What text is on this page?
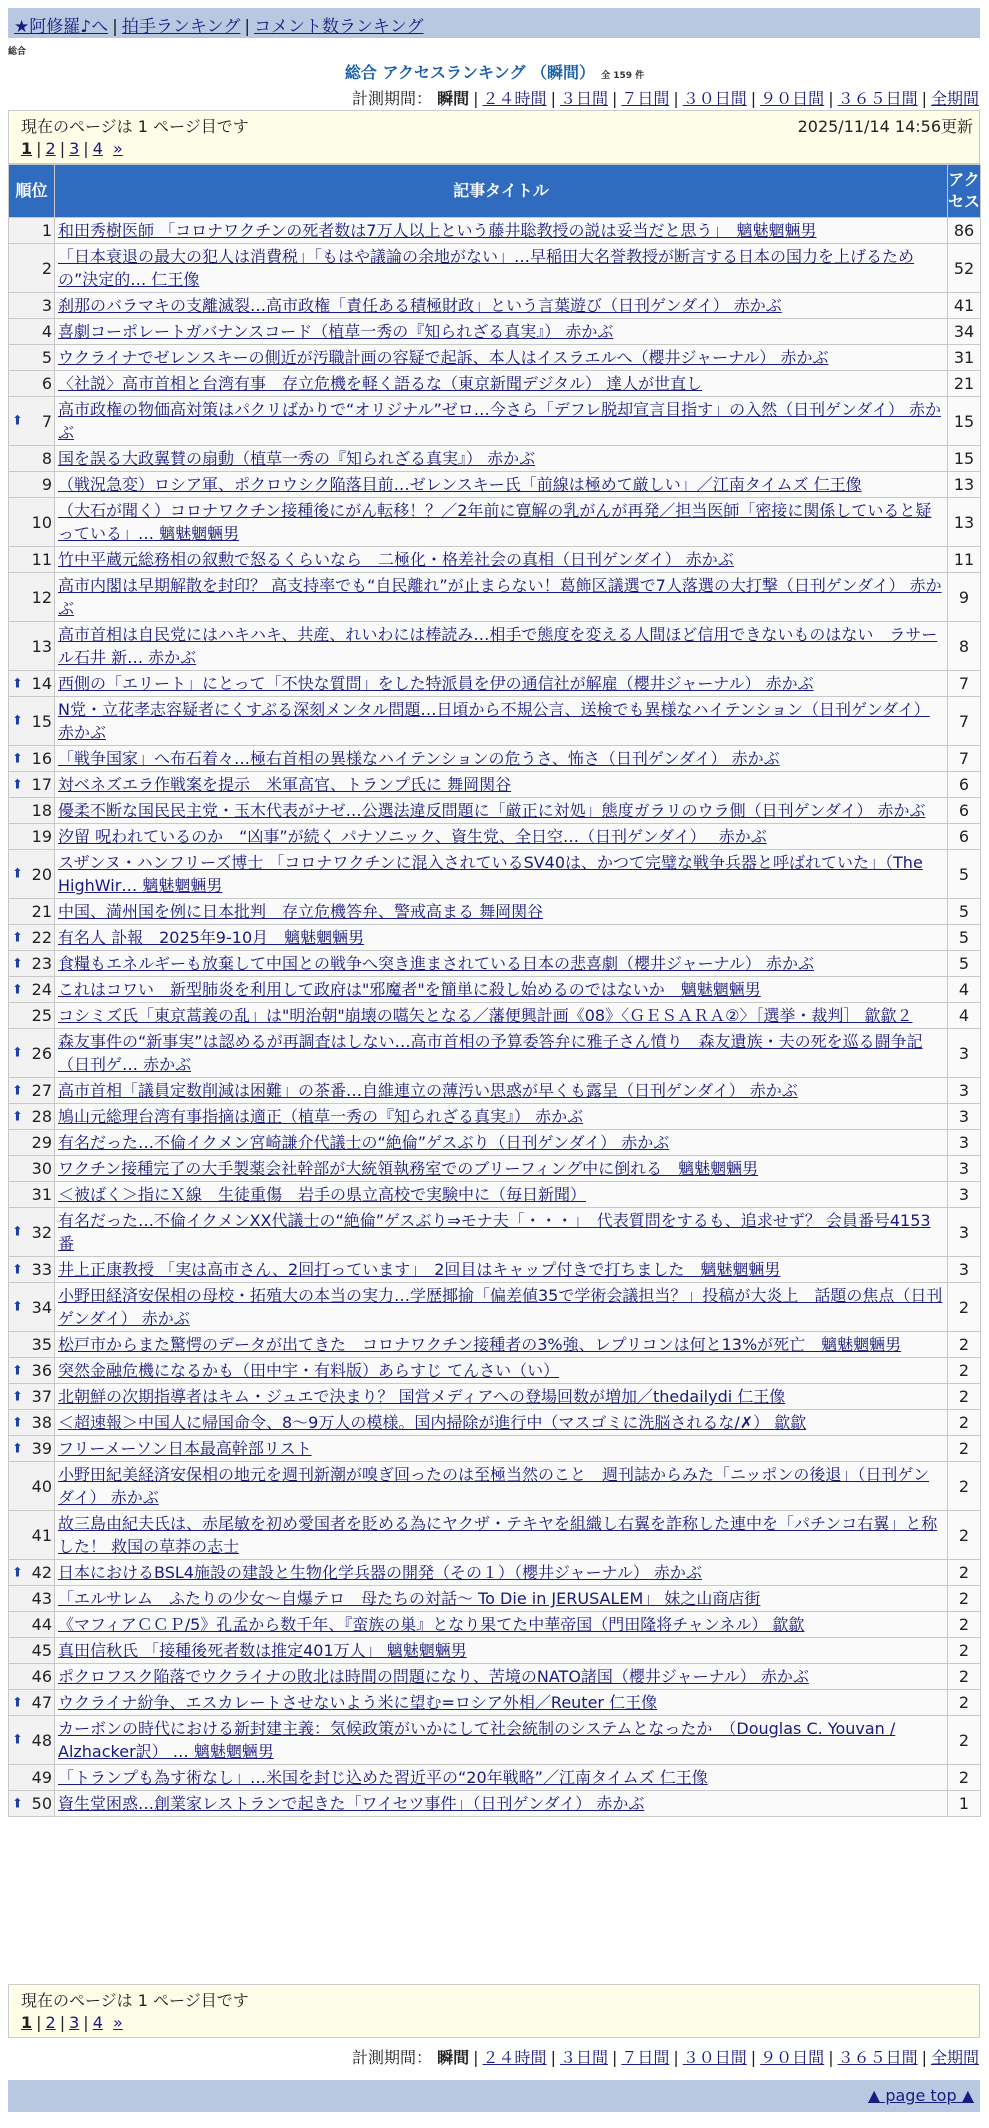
★阿修羅♪へ | 拍手ランキング | コメント数ランキング
総合
総合 アクセスランキング （瞬間） 全 159 件
計測期間： 瞬間 | ２４時間 | ３日間 | ７日間 | ３０日間 | ９０日間 | ３６５日間 | 全期間
現在のページは 1 ページ目です	2025/11/14 14:56更新
1 | 2 | 3 | 4 »
順位	記事タイトル	アクセス
1	和田秀樹医師 「コロナワクチンの死者数は7万人以上という藤井聡教授の説は妥当だと思う」　魑魅魍魎男	86
2	「日本衰退の最大の犯人は消費税」「もはや議論の余地がない」…早稲田大名誉教授が断言する日本の国力を上げるための”決定的… 仁王像	52
3	刹那のバラマキの支離滅裂…高市政権「責任ある積極財政」という言葉遊び（日刊ゲンダイ） 赤かぶ	41
4	喜劇コーポレートガバナンスコード（植草一秀の『知られざる真実』） 赤かぶ	34
5	ウクライナでゼレンスキーの側近が汚職計画の容疑で起訴、本人はイスラエルへ（櫻井ジャーナル） 赤かぶ	31
6	〈社説〉高市首相と台湾有事　存立危機を軽く語るな（東京新聞デジタル） 達人が世直し	21

⬆ 7	高市政権の物価高対策はパクリばかりで“オリジナル”ゼロ…今さら「デフレ脱却宣言目指す」の入然（日刊ゲンダイ） 赤かぶ	15
8	国を誤る大政翼賛の扇動（植草一秀の『知られざる真実』） 赤かぶ	15
9	（戦況急変）ロシア軍、ポクロウシク陥落目前…ゼレンスキー氏「前線は極めて厳しい」／江南タイムズ 仁王像	13
10	（大石が聞く）コロナワクチン接種後にがん転移！？／2年前に寛解の乳がんが再発／担当医師「密接に関係していると疑っている」… 魑魅魍魎男	13
11	竹中平蔵元総務相の叙勲で怒るくらいなら　二極化・格差社会の真相（日刊ゲンダイ） 赤かぶ	11
12	高市内閣は早期解散を封印？ 高支持率でも“自民離れ”が止まらない！葛飾区議選で7人落選の大打撃（日刊ゲンダイ） 赤かぶ	9
13	高市首相は自民党にはハキハキ、共産、れいわには棒読み…相手で態度を変える人間ほど信用できないものはない　ラサール石井 新… 赤かぶ	8

⬆ 14	西側の「エリート」にとって「不快な質問」をした特派員を伊の通信社が解雇（櫻井ジャーナル） 赤かぶ	7

⬆ 15	N党・立花孝志容疑者にくすぶる深刻メンタル問題…日頃から不規公言、送検でも異様なハイテンション（日刊ゲンダイ） 赤かぶ	7

⬆ 16	「戦争国家」へ布石着々…極右首相の異様なハイテンションの危うさ、怖さ（日刊ゲンダイ） 赤かぶ	7

⬆ 17	対ベネズエラ作戦案を提示　米軍高官、トランプ氏に 舞岡関谷	6
18	優柔不断な国民民主党・玉木代表がナゼ…公選法違反問題に「厳正に対処」態度ガラリのウラ側（日刊ゲンダイ） 赤かぶ	6
19	汐留 呪われているのか　“凶事”が続く パナソニック、資生党、全日空…（日刊ゲンダイ）　 赤かぶ	6

⬆ 20	スザンヌ・ハンフリーズ博士 「コロナワクチンに混入されているSV40は、かつて完璧な戦争兵器と呼ばれていた」（The HighWir… 魑魅魍魎男	5
21	中国、満州国を例に日本批判　存立危機答弁、警戒高まる 舞岡関谷	5

⬆ 22	有名人 訃報　2025年9-10月　魑魅魍魎男	5

⬆ 23	食糧もエネルギーも放棄して中国との戦争へ突き進まされている日本の悲喜劇（櫻井ジャーナル） 赤かぶ	5

⬆ 24	これはコワい　新型肺炎を利用して政府は"邪魔者"を簡単に殺し始めるのではないか　魑魅魍魎男	4
25	コシミズ氏「東京蒿義の乱」は"明治朝"崩壊の嚆矢となる／藩便興計画《08》〈ＧＥＳＡＲＡ②〉［選挙・裁判］ 歙歙２	4

⬆ 26	森友事件の“新事実”は認めるが再調査はしない…高市首相の予算委答弁に雅子さん憤り　森友遺族・夫の死を巡る闘争記（日刊ゲ… 赤かぶ	3

⬆ 27	高市首相「議員定数削減は困難」の茶番…自維連立の薄汚い思惑が早くも露呈（日刊ゲンダイ） 赤かぶ	3

⬆ 28	鳩山元総理台湾有事指摘は適正（植草一秀の『知られざる真実』） 赤かぶ	3
29	有名だった…不倫イクメン宮崎謙介代議士の“絶倫”ゲスぶり（日刊ゲンダイ） 赤かぶ	3
30	ワクチン接種完了の大手製薬会社幹部が大統領執務室でのブリーフィング中に倒れる　魑魅魍魎男	3
31	＜被ばく＞指にＸ線　生徒重傷　岩手の県立高校で実験中に（毎日新聞）	3

⬆ 32	有名だった…不倫イクメンXX代議士の“絶倫”ゲスぶり⇒モナ夫「・・・」　代表質問をするも、追求せず？ 会員番号4153番	3

⬆ 33	井上正康教授 「実は高市さん、2回打っています」　2回目はキャップ付きで打ちました　魑魅魍魎男	3

⬆ 34	小野田経済安保相の母校・拓殖大の本当の実力…学歴揶揄「偏差値35で学術会議担当？」投稿が大炎上　話題の焦点（日刊ゲンダイ） 赤かぶ	2
35	松戸市からまた驚愕のデータが出てきた　コロナワクチン接種者の3%強、レプリコンは何と13%が死亡　魑魅魍魎男	2

⬆ 36	突然金融危機になるかも（田中宇・有料版）あらすじ てんさい（い）	2

⬆ 37	北朝鮮の次期指導者はキム・ジュエで決まり？ 国営メディアへの登場回数が増加／thedailydi 仁王像	2

⬆ 38	＜超速報＞中国人に帰国命令、8～9万人の模様。国内掃除が進行中（マスゴミに洗脳されるな/✗） 歙歙	2

⬆ 39	フリーメーソン日本最高幹部リスト	2
40	小野田紀美経済安保相の地元を週刊新潮が嗅ぎ回ったのは至極当然のこと　週刊誌からみた「ニッポンの後退」（日刊ゲンダイ） 赤かぶ	2
41	故三島由紀夫氏は、赤尾敏を初め愛国者を貶める為にヤクザ・テキヤを組織し右翼を詐称した連中を「パチンコ右翼」と称した！ 救国の草莽の志士	2

⬆ 42	日本におけるBSL4施設の建設と生物化学兵器の開発（その１）（櫻井ジャーナル） 赤かぶ	2
43	「エルサレム　ふたりの少女～自爆テロ　母たちの対話～ To Die in JERUSALEM」 妹之山商店街	2
44	《マフィアＣＣＰ/5》孔孟から数千年、『蛮族の巣』となり果てた中華帝国（門田隆将チャンネル） 歙歙	2
45	真田信秋氏 「接種後死者数は推定401万人」 魑魅魍魎男	2
46	ポクロフスク陥落でウクライナの敗北は時間の問題になり、苦境のNATO諸国（櫻井ジャーナル） 赤かぶ	2

⬆ 47	ウクライナ紛争、エスカレートさせないよう米に望む=ロシア外相／Reuter 仁王像	2

⬆ 48	カーボンの時代における新封建主義：気候政策がいかにして社会統制のシステムとなったか　（Douglas C. Youvan / Alzhacker訳） … 魑魅魍魎男	2
49	「トランプも為す術なし」…米国を封じ込めた習近平の“20年戦略”／江南タイムズ 仁王像	2

⬆ 50	資生堂困惑…創業家レストランで起きた「ワイセツ事件」（日刊ゲンダイ） 赤かぶ	1
計測期間： 瞬間 | ２４時間 | ３日間 | ７日間 | ３０日間 | ９０日間 | ３６５日間 | 全期間
▲ page top ▲
現在のページは 1 ページ目です
1 | 2 | 3 | 4 »
